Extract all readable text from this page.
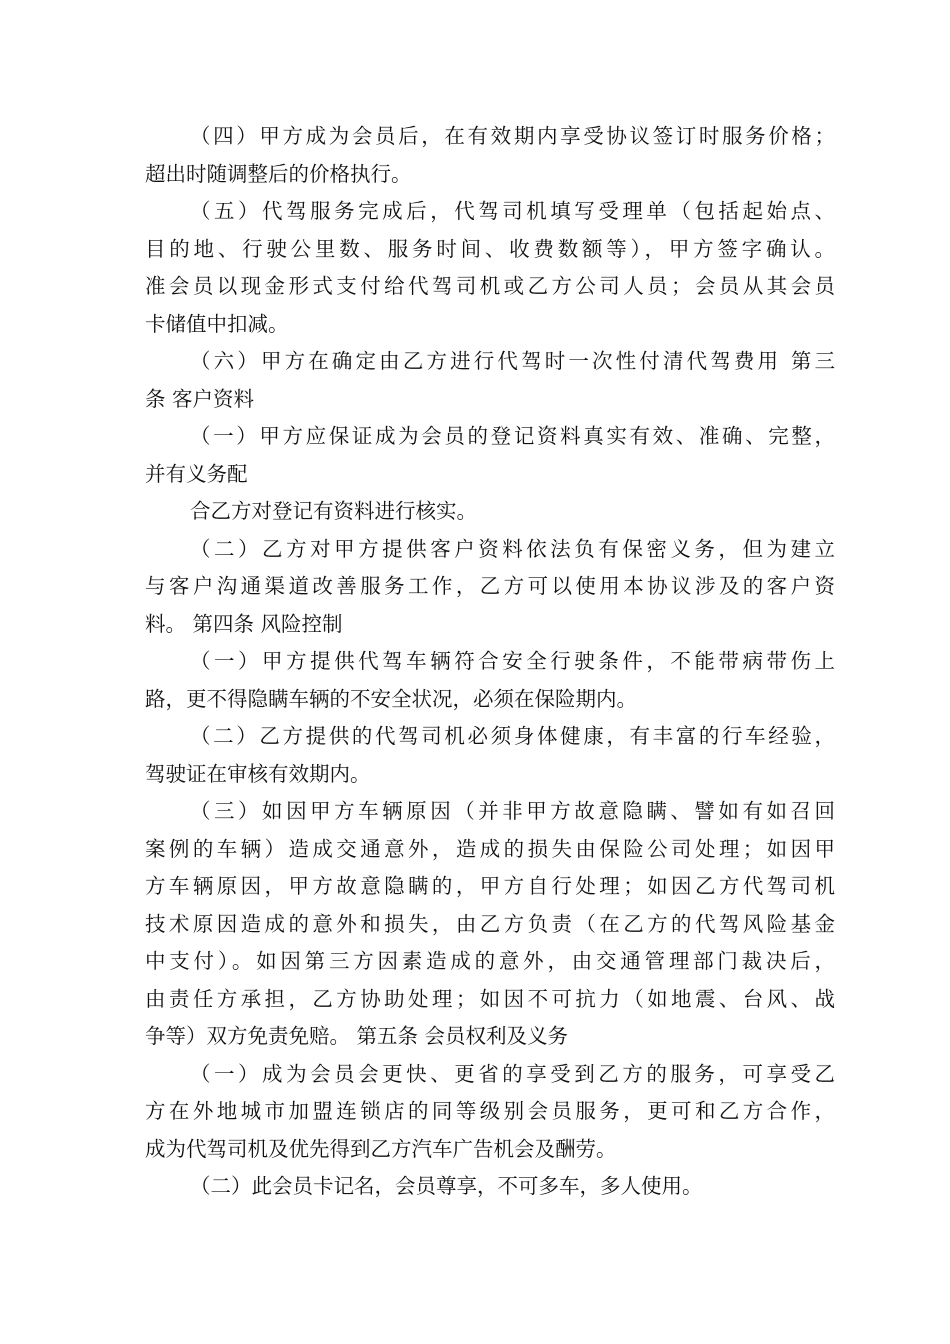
（四）甲方成为会员后，在有效期内享受协议签订时服务价格；
超出时随调整后的价格执行。
（五）代驾服务完成后，代驾司机填写受理单（包括起始点、
目的地、行驶公里数、服务时间、收费数额等），甲方签字确认。
准会员以现金形式支付给代驾司机或乙方公司人员；会员从其会员
卡储值中扣减。
（六）甲方在确定由乙方进行代驾时一次性付清代驾费用 第三
条 客户资料
（一）甲方应保证成为会员的登记资料真实有效、准确、完整，
并有义务配
合乙方对登记有资料进行核实。
（二）乙方对甲方提供客户资料依法负有保密义务，但为建立
与客户沟通渠道改善服务工作，乙方可以使用本协议涉及的客户资
料。 第四条 风险控制
（一）甲方提供代驾车辆符合安全行驶条件，不能带病带伤上
路，更不得隐瞒车辆的不安全状况，必须在保险期内。
（二）乙方提供的代驾司机必须身体健康，有丰富的行车经验，
驾驶证在审核有效期内。
（三）如因甲方车辆原因（并非甲方故意隐瞒、譬如有如召回
案例的车辆）造成交通意外，造成的损失由保险公司处理；如因甲
方车辆原因，甲方故意隐瞒的，甲方自行处理；如因乙方代驾司机
技术原因造成的意外和损失，由乙方负责（在乙方的代驾风险基金
中支付）。如因第三方因素造成的意外，由交通管理部门裁决后，
由责任方承担，乙方协助处理；如因不可抗力（如地震、台风、战
争等）双方免责免赔。 第五条 会员权利及义务
（一）成为会员会更快、更省的享受到乙方的服务，可享受乙
方在外地城市加盟连锁店的同等级别会员服务，更可和乙方合作，
成为代驾司机及优先得到乙方汽车广告机会及酬劳。
（二）此会员卡记名，会员尊享，不可多车，多人使用。
